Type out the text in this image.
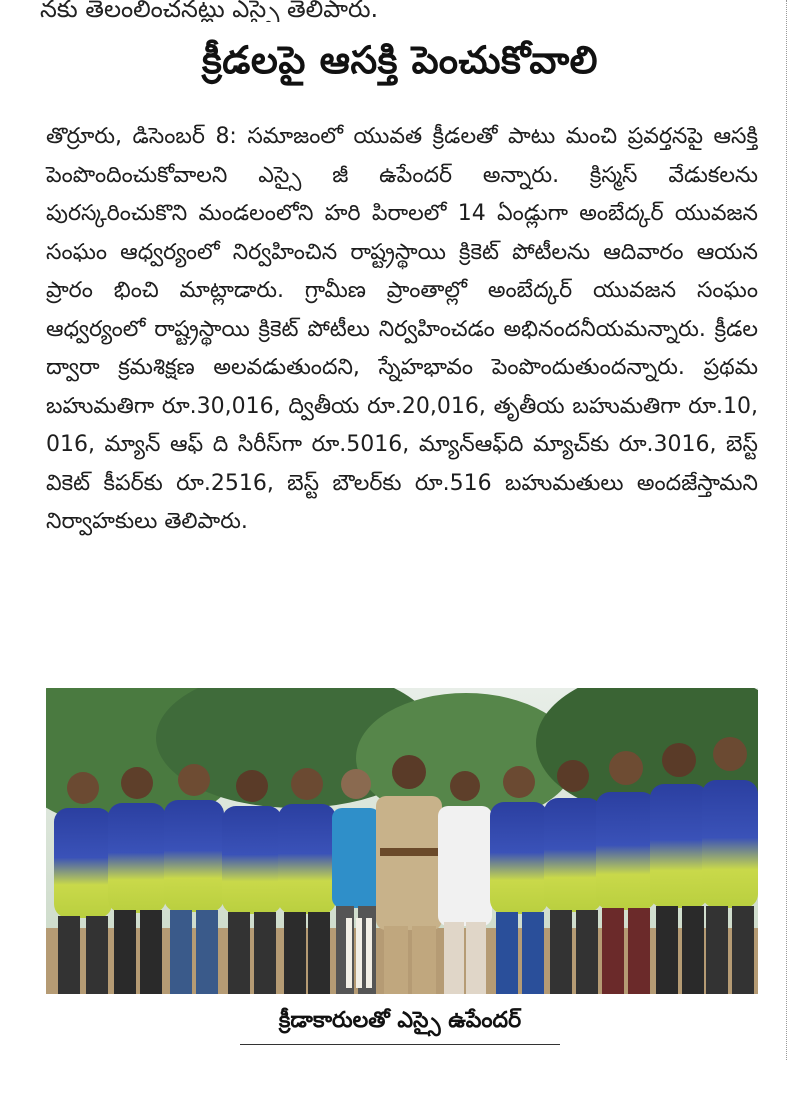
నకు తెలంలించనట్లు ఎస్సై తెలిపారు.
క్రీడలపై ఆసక్తి పెంచుకోవాలి
తొర్రూరు, డిసెంబర్ 8: సమాజంలో యువత క్రీడలతో పాటు మంచి ప్రవర్తనపై ఆసక్తి పెంపొందించుకోవాలని ఎస్సై జీ ఉపేందర్ అన్నారు. క్రిస్మస్ వేడుకలను పురస్కరించుకొని మండలంలోని హరి పిరాలలో 14 ఏండ్లుగా అంబేద్కర్ యువజన సంఘం ఆధ్వర్యంలో నిర్వహించిన రాష్ట్రస్థాయి క్రికెట్ పోటీలను ఆదివారం ఆయన ప్రారం భించి మాట్లాడారు. గ్రామీణ ప్రాంతాల్లో అంబేద్కర్ యువజన సంఘం ఆధ్వర్యంలో రాష్ట్రస్థాయి క్రికెట్ పోటీలు నిర్వహించడం అభినందనీయమన్నారు. క్రీడల ద్వారా క్రమశిక్షణ అలవడుతుందని, స్నేహభావం పెంపొందుతుందన్నారు. ప్రథమ బహుమతిగా రూ.30,016, ద్వితీయ రూ.20,016, తృతీయ బహుమతిగా రూ.10, 016, మ్యాన్ ఆఫ్ ది సిరీస్‌గా రూ.5016, మ్యాన్‌ఆఫ్‌ది మ్యాచ్‌కు రూ.3016, బెస్ట్ వికెట్ కీపర్‌కు రూ.2516, బెస్ట్ బౌలర్‌కు రూ.516 బహుమతులు అందజేస్తామని నిర్వాహకులు తెలిపారు.
క్రీడాకారులతో ఎస్సై ఉపేందర్
